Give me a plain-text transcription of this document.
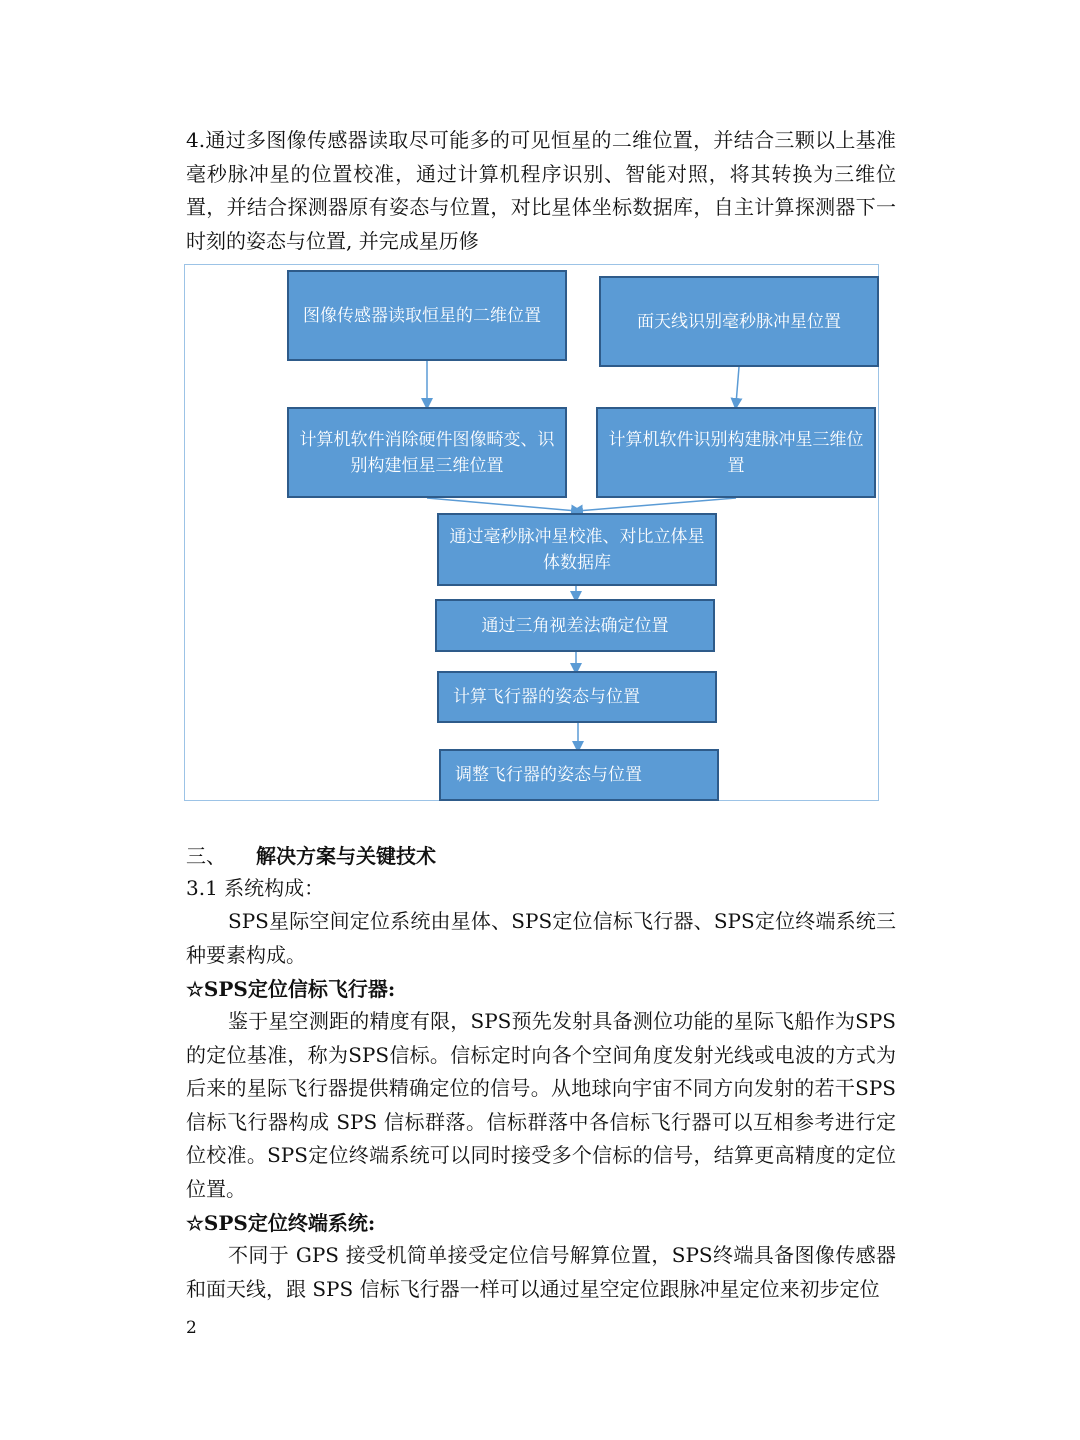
4.通过多图像传感器读取尽可能多的可见恒星的二维位置，并结合三颗以上基准毫秒脉冲星的位置校准，通过计算机程序识别、智能对照，将其转换为三维位置，并结合探测器原有姿态与位置，对比星体坐标数据库，自主计算探测器下一时刻的姿态与位置, 并完成星历修

图像传感器读取恒星的二维位置	面天线识别毫秒脉冲星位置
计算机软件消除硬件图像畸变、识别构建恒星三维位置
计算机软件识别构建脉冲星三维位置
通过毫秒脉冲星校准、对比立体星体数据库
通过三角视差法确定位置
计算飞行器的姿态与位置
调整飞行器的姿态与位置

三、 解决方案与关键技术

3.1 系统构成：

SPS星际空间定位系统由星体、SPS定位信标飞行器、SPS定位终端系统三种要素构成。

☆SPS定位信标飞行器:

鉴于星空测距的精度有限，SPS预先发射具备测位功能的星际飞船作为SPS的定位基准，称为SPS信标。信标定时向各个空间角度发射光线或电波的方式为后来的星际飞行器提供精确定位的信号。从地球向宇宙不同方向发射的若干SPS信标飞行器构成 SPS 信标群落。信标群落中各信标飞行器可以互相参考进行定位校准。SPS定位终端系统可以同时接受多个信标的信号，结算更高精度的定位位置。

☆SPS定位终端系统:

不同于 GPS 接受机简单接受定位信号解算位置，SPS终端具备图像传感器和面天线，跟 SPS 信标飞行器一样可以通过星空定位跟脉冲星定位来初步定位

2
